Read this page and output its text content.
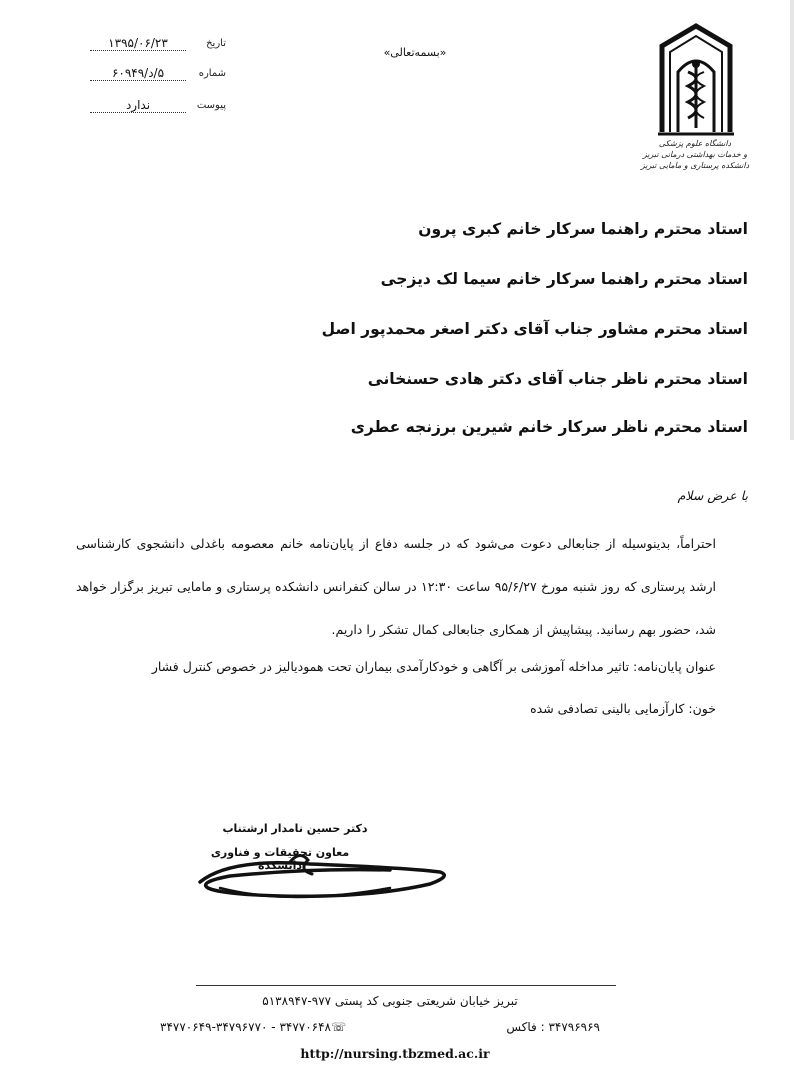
تاریخ
۱۳۹۵/۰۶/۲۳
شماره
۵/د/۶۰۹۴۹
پیوست
ندارد
«بسمه‌تعالی»
دانشگاه علوم پزشکی
و خدمات بهداشتی درمانی تبریز
دانشکده پرستاری و مامایی تبریز
استاد محترم راهنما سرکار خانم کبری پرون
استاد محترم راهنما سرکار خانم سیما لک دیزجی
استاد محترم مشاور جناب آقای دکتر اصغر محمدپور اصل
استاد محترم ناظر جناب آقای دکتر هادی حسنخانی
استاد محترم ناظر سرکار خانم شیرین برزنجه عطری
با عرض سلام
احتراماً، بدینوسیله از جنابعالی دعوت می‌شود که در جلسه دفاع از پایان‌نامه خانم معصومه باغدلی دانشجوی کارشناسی ارشد پرستاری که روز شنبه مورخ ۹۵/۶/۲۷ ساعت ۱۲:۳۰ در سالن کنفرانس دانشکده پرستاری و مامایی تبریز برگزار خواهد شد، حضور بهم رسانید. پیشاپیش از همکاری جنابعالی کمال تشکر را داریم.
عنوان پایان‌نامه: تاثیر مداخله آموزشی بر آگاهی و خودکارآمدی بیماران تحت همودیالیز در خصوص کنترل فشار
خون: کارآزمایی بالینی تصادفی شده
دکتر حسین نامدار ارشتناب
معاون تحقیقات و فناوری دانشکده
تبریز خیابان شریعتی جنوبی کد پستی ۹۷۷-۵۱۳۸۹۴۷
۳۴۷۹۶۹۶۹ : فاکس
☏۳۴۷۷۰۶۴۸ - ۳۴۷۷۰۶۴۹-۳۴۷۹۶۷۷۰
http://nursing.tbzmed.ac.ir
